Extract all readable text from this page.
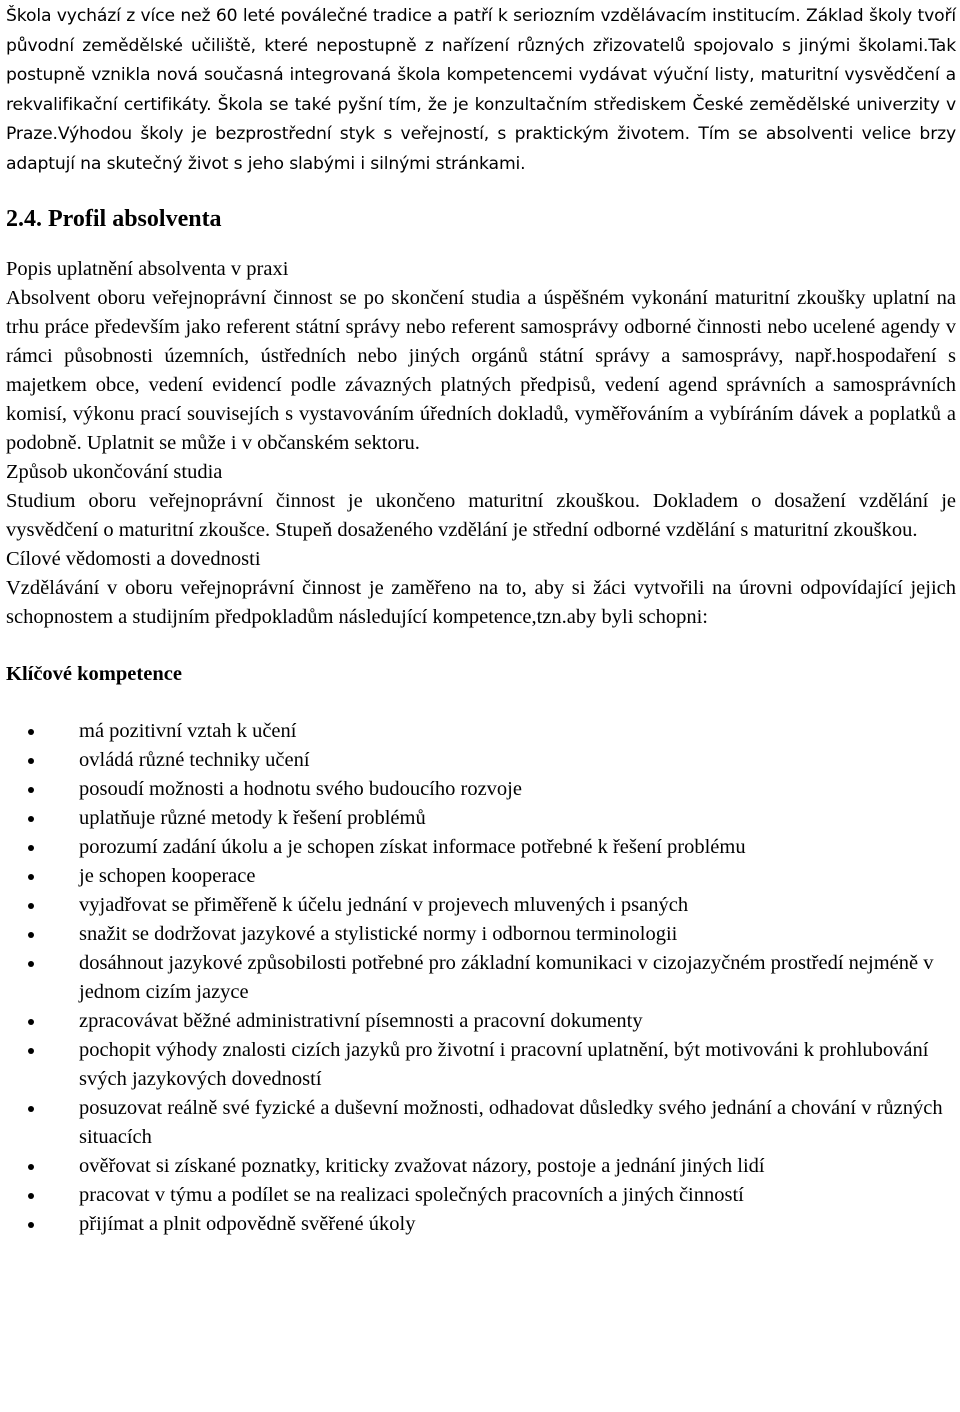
Škola vychází z více než 60 leté poválečné tradice a patří k seriozním vzdělávacím institucím. Základ školy tvoří původní zemědělské učiliště, které nepostupně z nařízení různých zřizovatelů spojovalo s jinými školami.Tak postupně vznikla nová současná integrovaná škola kompetencemi vydávat výuční listy, maturitní vysvědčení a rekvalifikační certifikáty. Škola se také pyšní tím, že je konzultačním střediskem České zemědělské univerzity v Praze.Výhodou školy je bezprostřední styk s veřejností, s praktickým životem. Tím se absolventi velice brzy adaptují na skutečný život s jeho slabými i silnými stránkami.

2.4. Profil absolventa

Popis uplatnění absolventa v praxi

Absolvent oboru veřejnoprávní činnost se po skončení studia a úspěšném vykonání maturitní zkoušky uplatní na trhu práce především jako referent státní správy nebo referent samosprávy odborné činnosti nebo ucelené agendy v rámci působnosti územních, ústředních nebo jiných orgánů státní správy a samosprávy, např.hospodaření s majetkem obce, vedení evidencí podle závazných platných předpisů, vedení agend správních a samosprávních komisí, výkonu prací souvisejích s vystavováním úředních dokladů, vyměřováním a vybíráním dávek a poplatků a podobně. Uplatnit se může i v občanském sektoru.

Způsob ukončování studia

Studium oboru veřejnoprávní činnost je ukončeno maturitní zkouškou. Dokladem o dosažení vzdělání je vysvědčení o maturitní zkoušce. Stupeň dosaženého vzdělání je střední odborné vzdělání s maturitní zkouškou.

Cílové vědomosti a dovednosti

Vzdělávání v oboru veřejnoprávní činnost je zaměřeno na to, aby si žáci vytvořili na úrovni odpovídající jejich schopnostem a studijním předpokladům následující kompetence,tzn.aby byli schopni:

Klíčové kompetence
má pozitivní vztah k učení
ovládá různé techniky učení
posoudí možnosti a hodnotu svého budoucího rozvoje
uplatňuje různé metody k řešení problémů
porozumí zadání úkolu a je schopen získat informace potřebné k řešení problému
je schopen kooperace
vyjadřovat se přiměřeně k účelu jednání v projevech mluvených i psaných
snažit se dodržovat jazykové a stylistické normy i odbornou terminologii
dosáhnout jazykové způsobilosti potřebné pro základní komunikaci v cizojazyčném prostředí nejméně v jednom cizím jazyce
zpracovávat běžné administrativní písemnosti a pracovní dokumenty
pochopit výhody znalosti cizích jazyků pro životní i pracovní uplatnění, být motivováni k prohlubování svých jazykových dovedností
posuzovat reálně své fyzické a duševní možnosti, odhadovat důsledky svého jednání a chování v různých situacích
ověřovat si získané poznatky, kriticky zvažovat názory, postoje a jednání jiných lidí
pracovat v týmu a podílet se na realizaci společných pracovních a jiných činností
přijímat a plnit odpovědně svěřené úkoly
